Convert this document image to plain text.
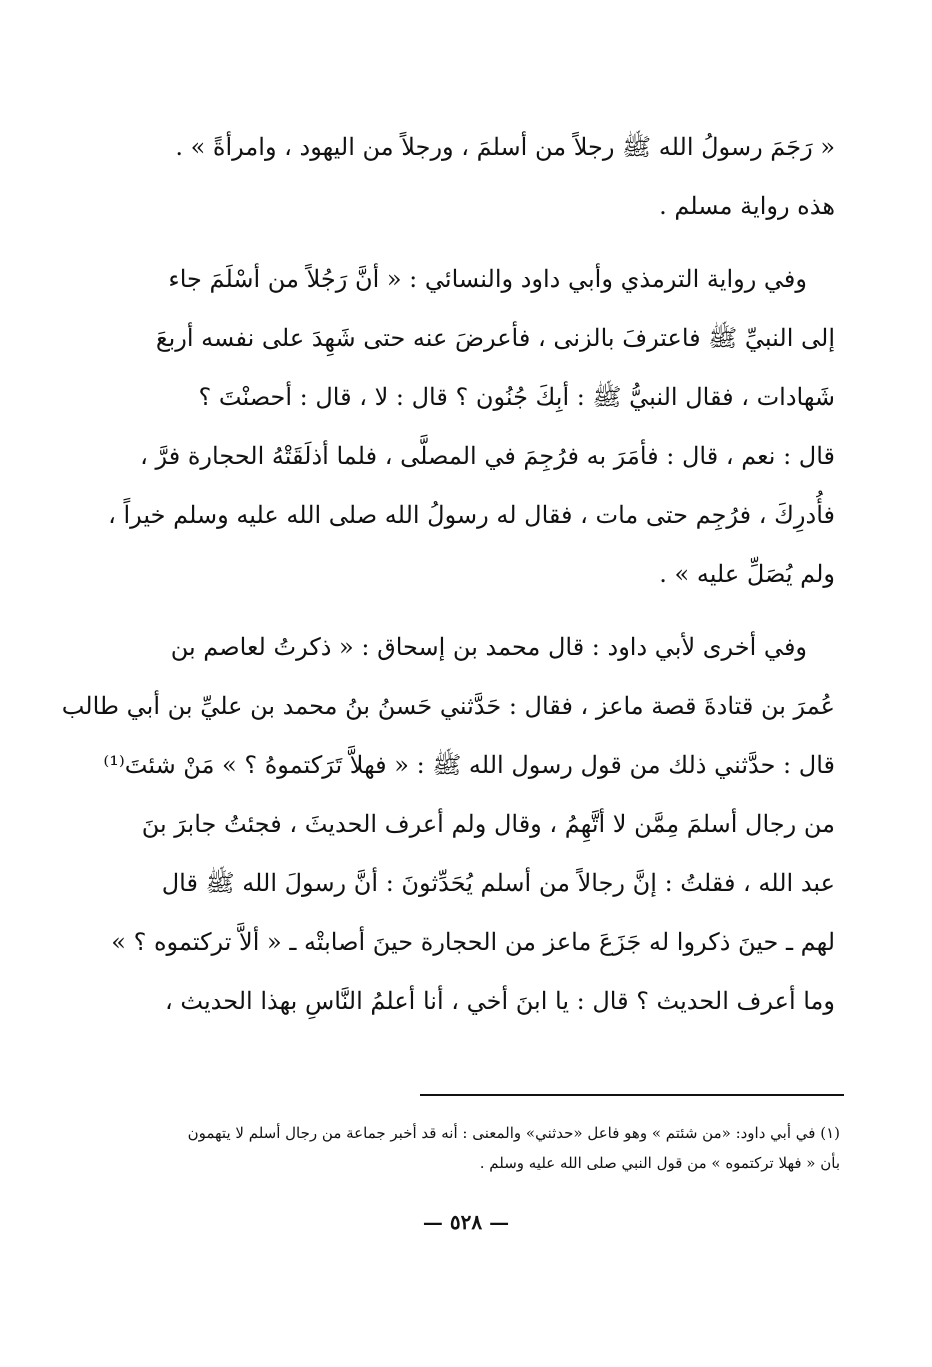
« رَجَمَ رسولُ الله ﷺ رجلاً من أسلمَ ، ورجلاً من اليهود ، وامرأةً » .
هذه رواية مسلم .
وفي رواية الترمذي وأبي داود والنسائي : « أنَّ رَجُلاً من أسْلَمَ جاء
إلى النبيِّ ﷺ فاعترفَ بالزنى ، فأعرضَ عنه حتى شَهِدَ على نفسه أربعَ
شَهادات ، فقال النبيُّ ﷺ : أبِكَ جُنُون ؟ قال : لا ، قال : أحصنْتَ ؟
قال : نعم ، قال : فأمَرَ به فرُجِمَ في المصلَّى ، فلما أذلَقَتْهُ الحجارة فرَّ ،
فأُدرِكَ ، فرُجِم حتى مات ، فقال له رسولُ الله صلى الله عليه وسلم خيراً ،
ولم يُصَلِّ عليه » .
وفي أخرى لأبي داود : قال محمد بن إسحاق : « ذكرتُ لعاصم بن
عُمرَ بن قتادةَ قصة ماعز ، فقال : حَدَّثني حَسنُ بنُ محمد بن عليِّ بن أبي طالب
قال : حدَّثني ذلك من قول رسول الله ﷺ : « فهلاَّ تَرَكتموهُ ؟ » مَنْ شئتَ⁽¹⁾
من رجال أسلمَ مِمَّن لا أتَّهِمُ ، وقال ولم أعرف الحديثَ ، فجئتُ جابرَ بنَ
عبد الله ، فقلتُ : إنَّ رجالاً من أسلم يُحَدِّثونَ : أنَّ رسولَ الله ﷺ قال
لهم ـ حينَ ذكروا له جَزَعَ ماعز من الحجارة حينَ أصابتْه ـ « ألاَّ تركتموه ؟ »
وما أعرف الحديث ؟ قال : يا ابنَ أخي ، أنا أعلمُ النَّاسِ بهذا الحديث ،
(١) في أبي داود: «من شئتم » وهو فاعل «حدثني» والمعنى : أنه قد أخبر جماعة من رجال أسلم لا يتهمون
بأن « فهلا تركتموه » من قول النبي صلى الله عليه وسلم .
— ٥٢٨ —
